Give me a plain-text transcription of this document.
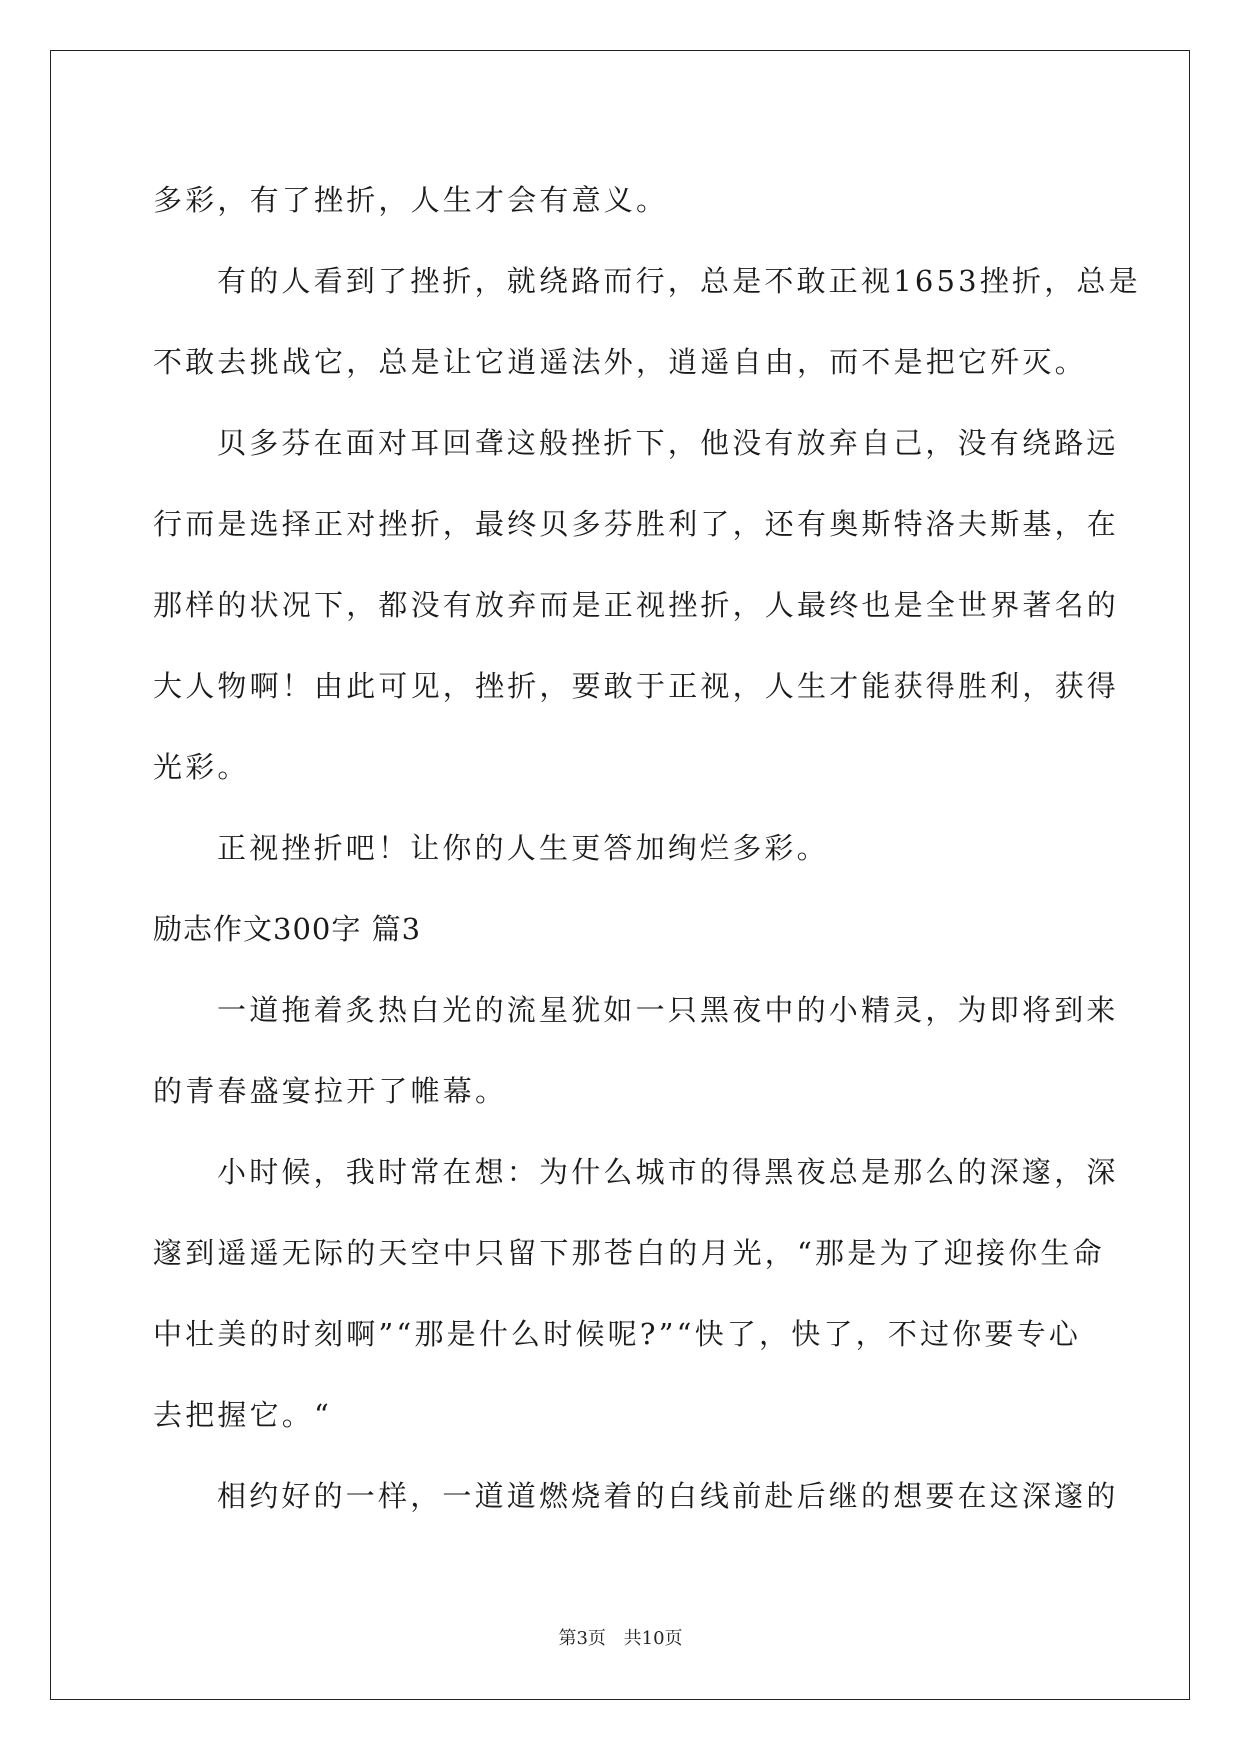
多彩，有了挫折，人生才会有意义。
有的人看到了挫折，就绕路而行，总是不敢正视1653挫折，总是
不敢去挑战它，总是让它逍遥法外，逍遥自由，而不是把它歼灭。
贝多芬在面对耳回聋这般挫折下，他没有放弃自己，没有绕路远
行而是选择正对挫折，最终贝多芬胜利了，还有奥斯特洛夫斯基，在
那样的状况下，都没有放弃而是正视挫折，人最终也是全世界著名的
大人物啊！由此可见，挫折，要敢于正视，人生才能获得胜利，获得
光彩。
正视挫折吧！让你的人生更答加绚烂多彩。
励志作文300字 篇3
一道拖着炙热白光的流星犹如一只黑夜中的小精灵，为即将到来
的青春盛宴拉开了帷幕。
小时候，我时常在想：为什么城市的得黑夜总是那么的深邃，深
邃到遥遥无际的天空中只留下那苍白的月光，“那是为了迎接你生命
中壮美的时刻啊”“那是什么时候呢?”“快了，快了，不过你要专心
去把握它。“
相约好的一样，一道道燃烧着的白线前赴后继的想要在这深邃的
第3页 共10页
